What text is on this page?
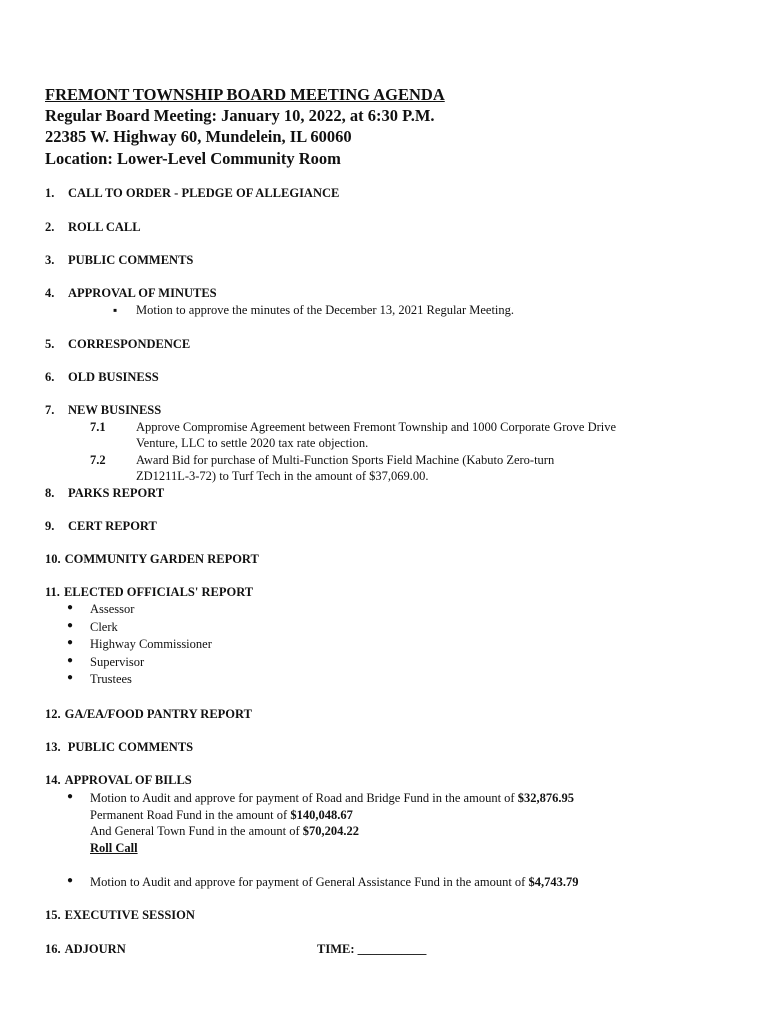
FREMONT TOWNSHIP BOARD MEETING AGENDA
Regular Board Meeting: January 10, 2022, at 6:30 P.M.
22385 W. Highway 60, Mundelein, IL 60060
Location: Lower-Level Community Room
1. CALL TO ORDER - PLEDGE OF ALLEGIANCE
2. ROLL CALL
3. PUBLIC COMMENTS
4. APPROVAL OF MINUTES
▪ Motion to approve the minutes of the December 13, 2021 Regular Meeting.
5. CORRESPONDENCE
6. OLD BUSINESS
7. NEW BUSINESS
7.1 Approve Compromise Agreement between Fremont Township and 1000 Corporate Grove Drive
Venture, LLC to settle 2020 tax rate objection.
7.2 Award Bid for purchase of Multi-Function Sports Field Machine (Kabuto Zero-turn
ZD1211L-3-72) to Turf Tech in the amount of $37,069.00.
8. PARKS REPORT
9. CERT REPORT
10. COMMUNITY GARDEN REPORT
11. ELECTED OFFICIALS' REPORT
● Assessor
● Clerk
● Highway Commissioner
● Supervisor
● Trustees
12. GA/EA/FOOD PANTRY REPORT
13. PUBLIC COMMENTS
14. APPROVAL OF BILLS
● Motion to Audit and approve for payment of Road and Bridge Fund in the amount of $32,876.95
Permanent Road Fund in the amount of $140,048.67
And General Town Fund in the amount of $70,204.22
Roll Call
● Motion to Audit and approve for payment of General Assistance Fund in the amount of $4,743.79
15. EXECUTIVE SESSION
16. ADJOURN	TIME: ___________
